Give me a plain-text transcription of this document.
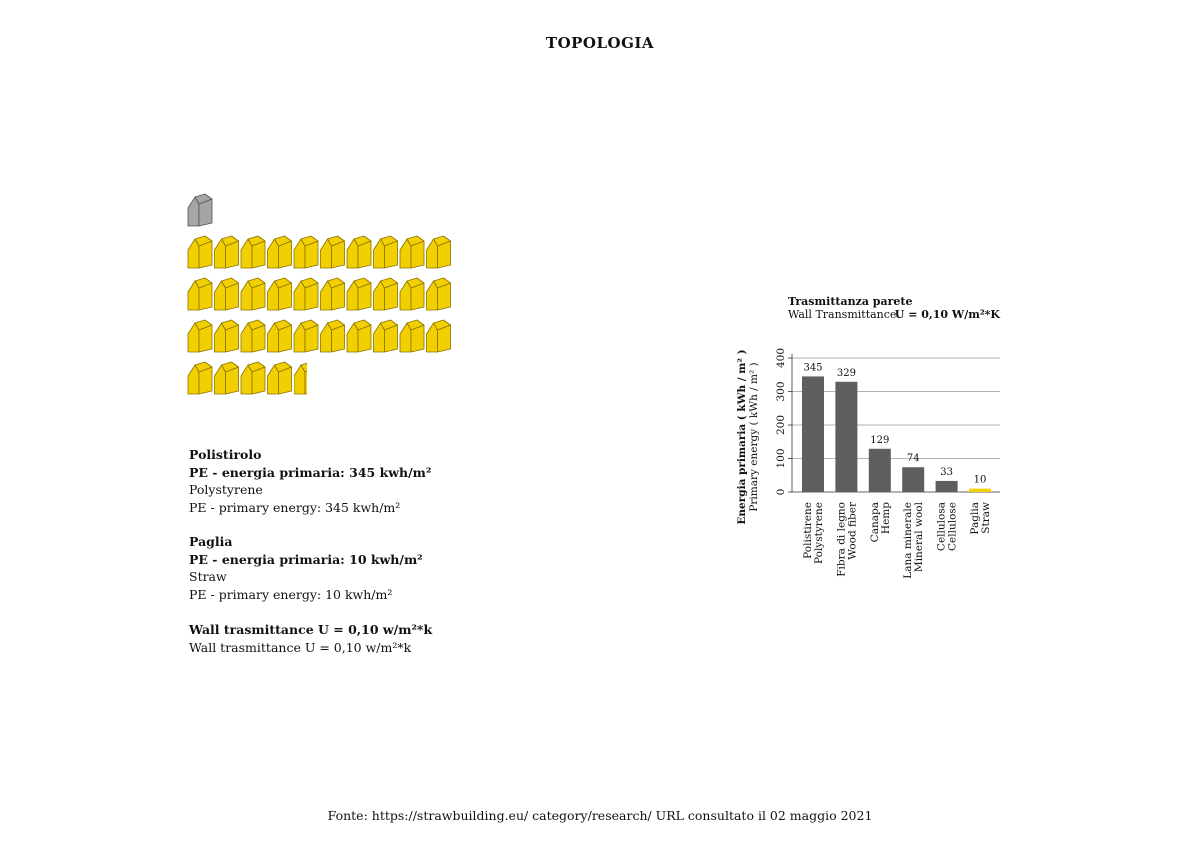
TOPOLOGIA
Polistirolo
PE - energia primaria: 345 kwh/m²
Polystyrene
PE - primary energy: 345 kwh/m²
Paglia
PE - energia primaria: 10 kwh/m²
Straw
PE - primary energy: 10 kwh/m²
Wall trasmittance U = 0,10 w/m²*k
Wall trasmittance U = 0,10 w/m²*k
Trasmittanza parete
Wall Transmittance
U = 0,10 W/m²*K
0
100
200
300
400
Energia primaria ( kWh / m² ) Primary energy ( kWh / m² )	345
Polistirene Polystyrene
329
Fibra di legno Wood fiber
129
Canapa Hemp
74
Lana minerale Mineral wool
33
Cellulosa Cellulose
10
Paglia Straw
Fonte: https://strawbuilding.eu/ category/research/ URL consultato il 02 maggio 2021
